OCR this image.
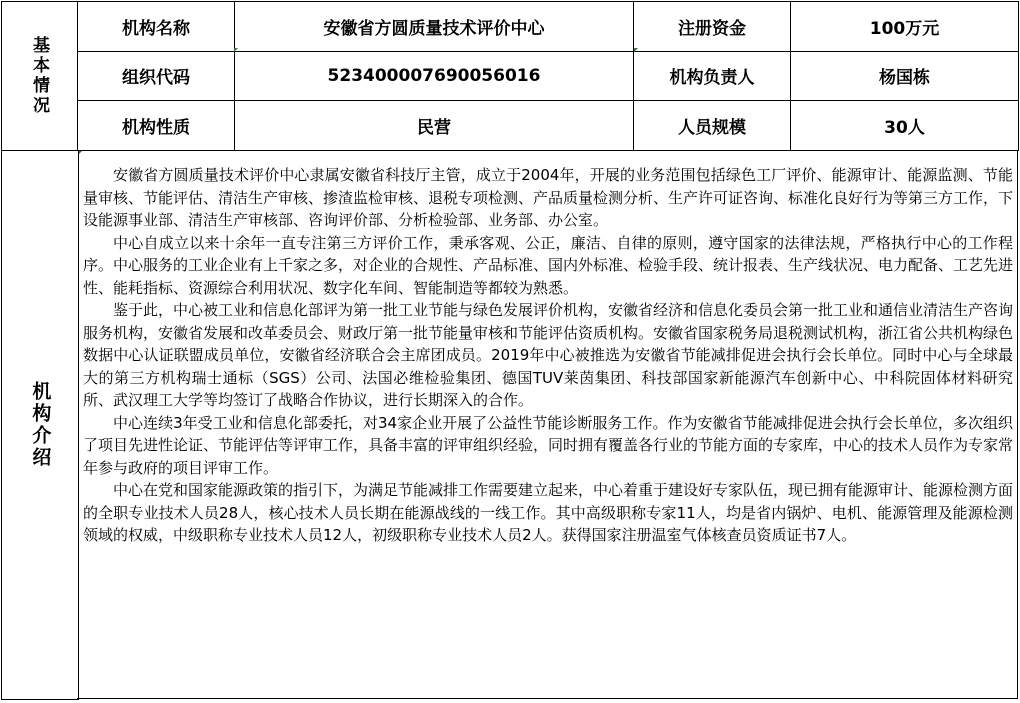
基本情况	机构名称	安徽省方圆质量技术评价中心	注册资金	100万元
	组织代码	523400007690056016	机构负责人	杨国栋
	机构性质	民营	人员规模	30人
机构介绍

安徽省方圆质量技术评价中心隶属安徽省科技厅主管，成立于2004年，开展的业务范围包括绿色工厂评价、能源审计、能源监测、节能量审核、节能评估、清洁生产审核、掺渣监检审核、退税专项检测、产品质量检测分析、生产许可证咨询、标准化良好行为等第三方工作，下设能源事业部、清洁生产审核部、咨询评价部、分析检验部、业务部、办公室。

中心自成立以来十余年一直专注第三方评价工作，秉承客观、公正，廉洁、自律的原则，遵守国家的法律法规，严格执行中心的工作程序。中心服务的工业企业有上千家之多，对企业的合规性、产品标准、国内外标准、检验手段、统计报表、生产线状况、电力配备、工艺先进性、能耗指标、资源综合利用状况、数字化车间、智能制造等都较为熟悉。

鉴于此，中心被工业和信息化部评为第一批工业节能与绿色发展评价机构，安徽省经济和信息化委员会第一批工业和通信业清洁生产咨询服务机构，安徽省发展和改革委员会、财政厅第一批节能量审核和节能评估资质机构。安徽省国家税务局退税测试机构，浙江省公共机构绿色数据中心认证联盟成员单位，安徽省经济联合会主席团成员。2019年中心被推选为安徽省节能减排促进会执行会长单位。同时中心与全球最大的第三方机构瑞士通标（SGS）公司、法国必维检验集团、德国TUV莱茵集团、科技部国家新能源汽车创新中心、中科院固体材料研究所、武汉理工大学等均签订了战略合作协议，进行长期深入的合作。

中心连续3年受工业和信息化部委托，对34家企业开展了公益性节能诊断服务工作。作为安徽省节能减排促进会执行会长单位，多次组织了项目先进性论证、节能评估等评审工作，具备丰富的评审组织经验，同时拥有覆盖各行业的节能方面的专家库，中心的技术人员作为专家常年参与政府的项目评审工作。

中心在党和国家能源政策的指引下，为满足节能减排工作需要建立起来，中心着重于建设好专家队伍，现已拥有能源审计、能源检测方面的全职专业技术人员28人，核心技术人员长期在能源战线的一线工作。其中高级职称专家11人，均是省内锅炉、电机、能源管理及能源检测领域的权威，中级职称专业技术人员12人，初级职称专业技术人员2人。获得国家注册温室气体核查员资质证书7人。
